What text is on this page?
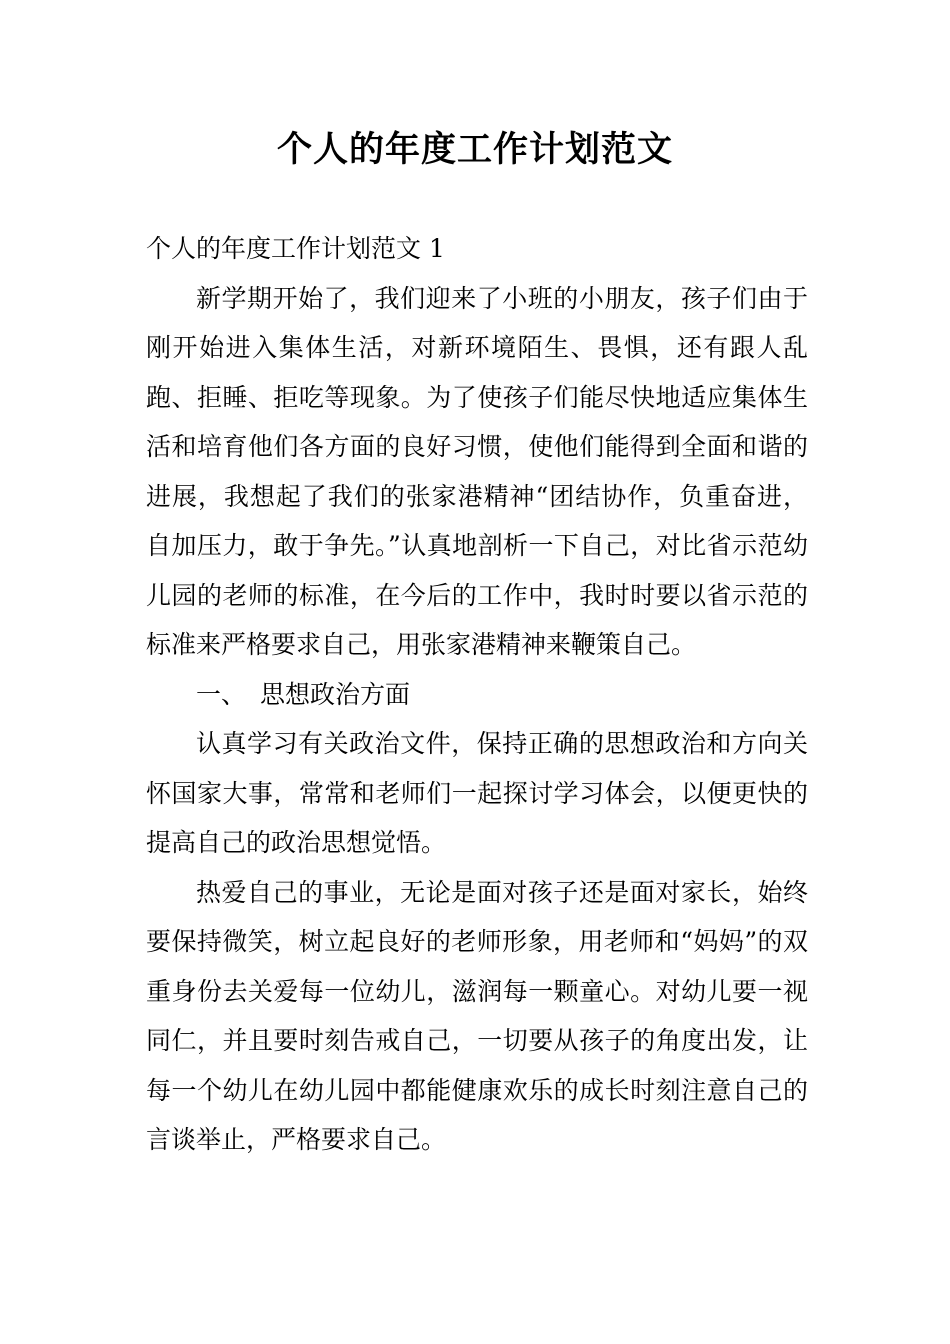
个人的年度工作计划范文

个人的年度工作计划范文 1

新学期开始了，我们迎来了小班的小朋友，孩子们由于刚开始进入集体生活，对新环境陌生、畏惧，还有跟人乱跑、拒睡、拒吃等现象。为了使孩子们能尽快地适应集体生活和培育他们各方面的良好习惯，使他们能得到全面和谐的进展，我想起了我们的张家港精神“团结协作，负重奋进，自加压力，敢于争先。”认真地剖析一下自己，对比省示范幼儿园的老师的标准，在今后的工作中，我时时要以省示范的标准来严格要求自己，用张家港精神来鞭策自己。

一、 思想政治方面

认真学习有关政治文件，保持正确的思想政治和方向关怀国家大事，常常和老师们一起探讨学习体会，以便更快的提高自己的政治思想觉悟。

热爱自己的事业，无论是面对孩子还是面对家长，始终要保持微笑，树立起良好的老师形象，用老师和“妈妈”的双重身份去关爱每一位幼儿，滋润每一颗童心。对幼儿要一视同仁，并且要时刻告戒自己，一切要从孩子的角度出发，让每一个幼儿在幼儿园中都能健康欢乐的成长时刻注意自己的言谈举止，严格要求自己。
